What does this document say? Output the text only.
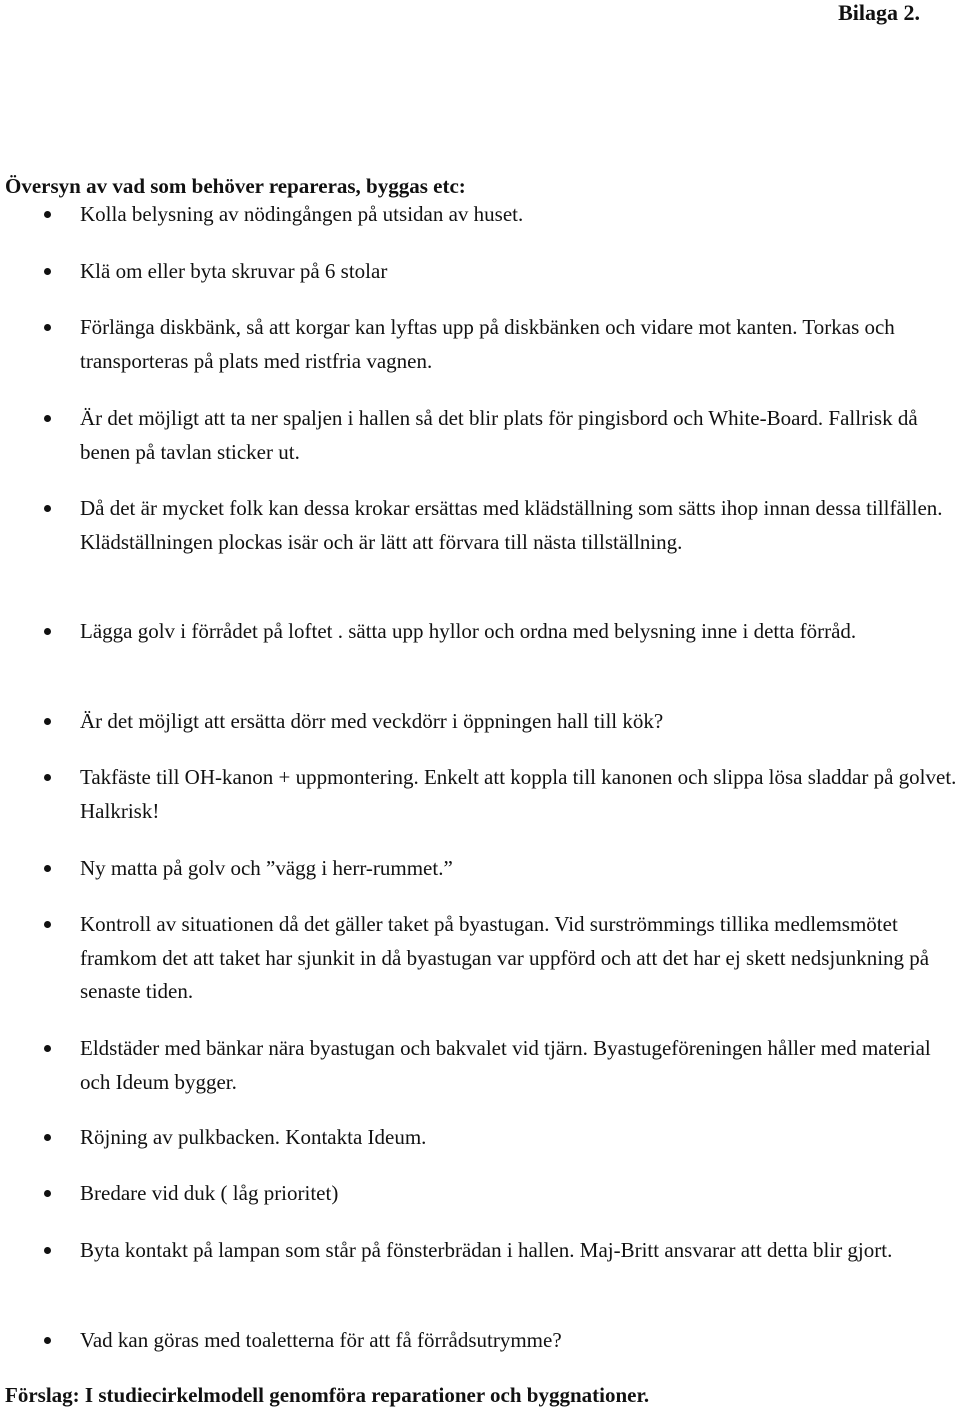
Bilaga 2.

Översyn av vad som behöver repareras, byggas etc:

Kolla belysning av nödingången på utsidan av huset.
Klä om eller byta skruvar på 6 stolar
Förlänga diskbänk, så att korgar kan lyftas upp på diskbänken och vidare mot kanten. Torkas och transporteras på plats med ristfria vagnen.
Är det möjligt att ta ner spaljen i hallen så det blir plats för pingisbord och White-Board. Fallrisk då benen på tavlan sticker ut.
Då det är mycket folk kan dessa krokar ersättas med klädställning som sätts ihop innan dessa tillfällen. Klädställningen plockas isär och är lätt att förvara till nästa tillställning.
Lägga golv i förrådet på loftet . sätta upp hyllor och ordna med belysning inne i detta förråd.
Är det möjligt att ersätta dörr med veckdörr i öppningen hall till kök?
Takfäste till OH-kanon + uppmontering. Enkelt att koppla till kanonen och slippa lösa sladdar på golvet. Halkrisk!
Ny matta på golv och ”vägg i herr-rummet.”
Kontroll av situationen då det gäller taket på byastugan. Vid surströmmings tillika medlemsmötet framkom det att taket har sjunkit in då byastugan var uppförd och att det har ej skett nedsjunkning på senaste tiden.
Eldstäder med bänkar nära byastugan och bakvalet vid tjärn. Byastugeföreningen håller med material och Ideum bygger.
Röjning av pulkbacken. Kontakta Ideum.
Bredare vid duk ( låg prioritet)
Byta kontakt på lampan som står på fönsterbrädan i hallen. Maj-Britt ansvarar att detta blir gjort.
Vad kan göras med toaletterna för att få förrådsutrymme?

Förslag: I studiecirkelmodell genomföra reparationer och byggnationer.
